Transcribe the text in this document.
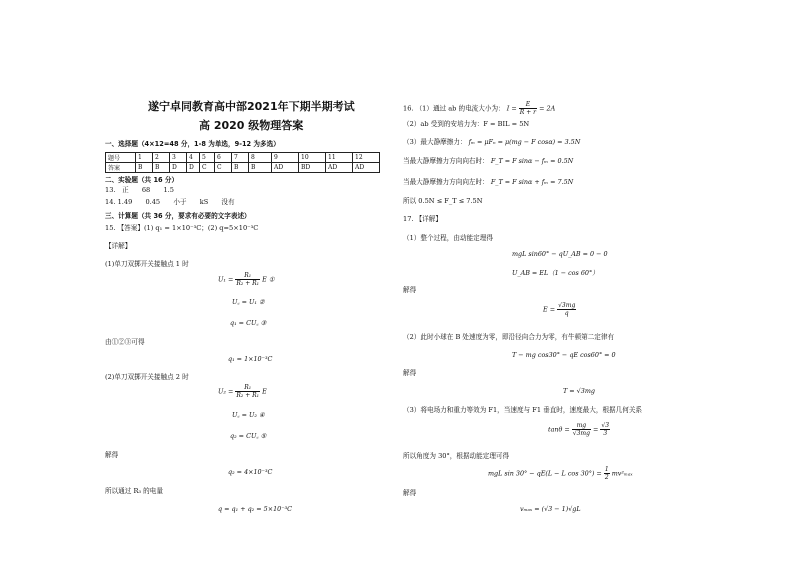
遂宁卓同教育高中部2021年下期半期考试
高 2020 级物理答案
一、选择题（4×12=48 分，1-8 为单选，9-12 为多选）
题号	1	2	3	4	5	6	7	8	9	10	11	12
答案	B	B	D	D	C	C	B	B	AD	BD	AD	AD
二、实验题（共 16 分）
13.　正　　68　　1.5
14. 1.49　　0.45　　小于　　kS　　没有
三、计算题（共 36 分，要求有必要的文字表述）
15. 【答案】(1) q₁ = 1×10⁻³C；(2) q=5×10⁻³C
【详解】
(1)单刀双掷开关接触点 1 时
$U_1 = \frac{\text{R₁}}{\text{R₂ + R₁}}$ E ①
U꜀ = U₁ ②
q₁ = CU꜀ ③
由①②③可得
q₁ = 1×10⁻³C
(2)单刀双掷开关接触点 2 时
$U_2 = \frac{\text{R₁}}{\text{R₂ + R₁}}$ E
U꜀ = U₂ ④
q₂ = CU꜀ ⑤
解得
q₂ = 4×10⁻³C
所以通过 R₃ 的电量
q = q₁ + q₂ = 5×10⁻³C
16. （1）通过 ab 的电流大小为： $I = \frac{E}{R + r} = 2A$
（2）ab 受到的安培力为：F = BIL = 5N
（3）最大静摩擦力： fₘ = μFₙ = μ(mg − F cosα) = 3.5N
当最大静摩擦力方向向右时： F_T = F sinα − fₘ = 0.5N
当最大静摩擦力方向向左时： F_T = F sinα + fₘ = 7.5N
所以 0.5N ≤ F_T ≤ 7.5N
17. 【详解】
（1）整个过程，由动能定理得
mgL sin60° − qU_AB = 0 − 0
U_AB = EL（1 − cos 60°）
解得
$E = \frac{√3mg}{q}$
（2）此时小球在 B 处速度为零，即沿径向合力为零，有牛顿第二定律有
T − mg cos30° − qE cos60° = 0
解得
T = √3mg
（3）将电场力和重力等效为 F1，当速度与 F1 垂直时，速度最大，根据几何关系
$\tan\theta = \frac{mg}{√3mg} = \frac{√3}{3}$
所以角度为 30°，根据动能定理可得
mgL sin 30° − qE(L − L $\cos 30^\circ) = \frac{1}{2} mv^2_{max}$
解得
vₘₐₓ = (√3 − 1)√gL
